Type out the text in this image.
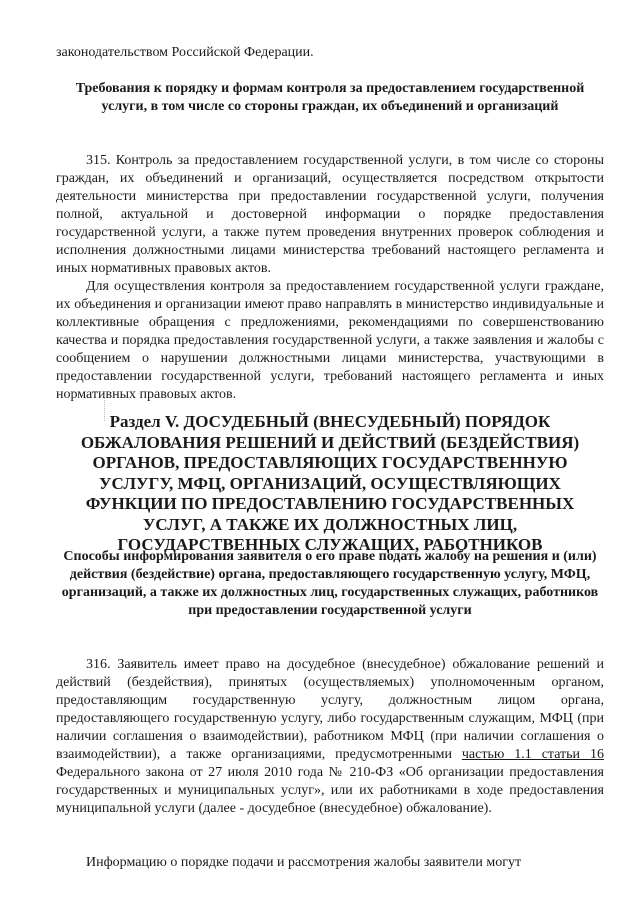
законодательством Российской Федерации.

Требования к порядку и формам контроля за предоставлением государственной услуги, в том числе со стороны граждан, их объединений и организаций

315. Контроль за предоставлением государственной услуги, в том числе со стороны граждан, их объединений и организаций, осуществляется посредством открытости деятельности министерства при предоставлении государственной услуги, получения полной, актуальной и достоверной информации о порядке предоставления государственной услуги, а также путем проведения внутренних проверок соблюдения и исполнения должностными лицами министерства требований настоящего регламента и иных нормативных правовых актов.

Для осуществления контроля за предоставлением государственной услуги граждане, их объединения и организации имеют право направлять в министерство индивидуальные и коллективные обращения с предложениями, рекомендациями по совершенствованию качества и порядка предоставления государственной услуги, а также заявления и жалобы с сообщением о нарушении должностными лицами министерства, участвующими в предоставлении государственной услуги, требований настоящего регламента и иных нормативных правовых актов.

Раздел V. ДОСУДЕБНЫЙ (ВНЕСУДЕБНЫЙ) ПОРЯДОК ОБЖАЛОВАНИЯ РЕШЕНИЙ И ДЕЙСТВИЙ (БЕЗДЕЙСТВИЯ) ОРГАНОВ, ПРЕДОСТАВЛЯЮЩИХ ГОСУДАРСТВЕННУЮ УСЛУГУ, МФЦ, ОРГАНИЗАЦИЙ, ОСУЩЕСТВЛЯЮЩИХ ФУНКЦИИ ПО ПРЕДОСТАВЛЕНИЮ ГОСУДАРСТВЕННЫХ УСЛУГ, А ТАКЖЕ ИХ ДОЛЖНОСТНЫХ ЛИЦ, ГОСУДАРСТВЕННЫХ СЛУЖАЩИХ, РАБОТНИКОВ

Способы информирования заявителя о его праве подать жалобу на решения и (или) действия (бездействие) органа, предоставляющего государственную услугу, МФЦ, организаций, а также их должностных лиц, государственных служащих, работников при предоставлении государственной услуги

316. Заявитель имеет право на досудебное (внесудебное) обжалование решений и действий (бездействия), принятых (осуществляемых) уполномоченным органом, предоставляющим государственную услугу, должностным лицом органа, предоставляющего государственную услугу, либо государственным служащим, МФЦ (при наличии соглашения о взаимодействии), работником МФЦ (при наличии соглашения о взаимодействии), а также организациями, предусмотренными частью 1.1 статьи 16 Федерального закона от 27 июля 2010 года № 210-ФЗ «Об организации предоставления государственных и муниципальных услуг», или их работниками в ходе предоставления муниципальной услуги (далее - досудебное (внесудебное) обжалование).

Информацию о порядке подачи и рассмотрения жалобы заявители могут
